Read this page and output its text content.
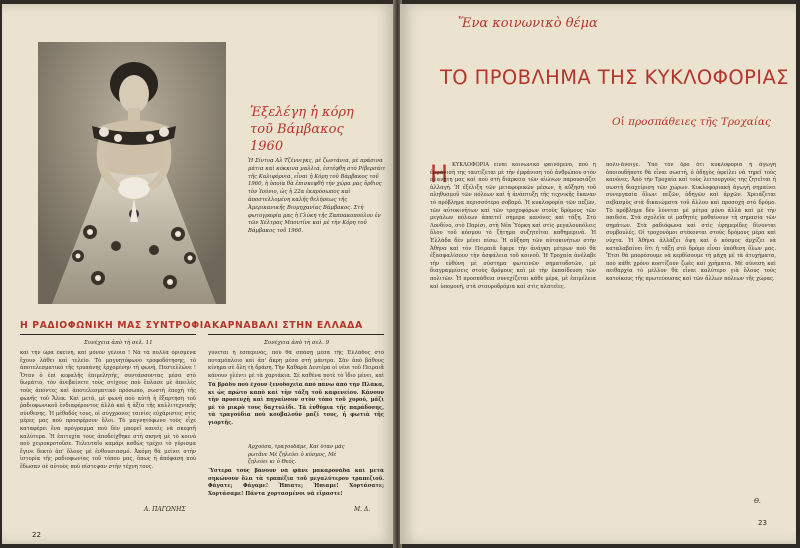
Ἐξελέγη ἡ κόρη τοῦ Βάμβακος 1960
Ἡ Σίντυα Αλ Τζέννιγκς, μὲ ζωντάνια, μὲ πράσινα μάτια καὶ κόκκινα μαλλιά, ἐστέφθη στὸ Ρίβερσάιτ τῆς Καλιφόρνια, εἶναι ἡ Κόρη τοῦ Βάμβακος τοῦ 1960, ἡ ὁποία θὰ ἐπισκεφθῆ τὴν χώρα μας ὅρθιος τὸν Ἰούνιο, ὡς ἡ 22α ἐκπρόσωπος καὶ ἀποστελλομένη καλῆς θελήσεως τῆς Ἀμερικανικῆς Βιομηχανίας Βάμβακος. Στὴ φωτογραφία μας ἡ Γλύκη τῆς Ζαππακοπούλου ἐν τῶν Χέλτρας Μπουτίνε καὶ μὲ τὴν Κόρη τοῦ Βάμβακος τοῦ 1960.
Η ΡΑΔΙΟΦΩΝΙΚΗ ΜΑΣ ΣΥΝΤΡΟΦΙΑ
Συνέχεια ἀπὸ τὴ σελ. 11
καὶ τὴν ὥρα ἐκείνη, καὶ μόνον γέλοια ! Νὰ τὰ πολλὰ ὀρισμένα ἔχουν λάθει καὶ τελείο. Τὸ μαγνητόφωνο τροφοδότησης, τὸ ἀποτελεσματικὸ τῆς τρυπάνης ἐρχομένην τὴ φωνή, Πεστελλώνε ! Ὅταν ὁ ἐπὶ κεφαλῆς ἐπιμελητής, συντάσσοντας μέσα στὸ δωμάτιο, τὸν ἀνεβαίνετε τοὺς στίχους ποὺ ἔπλασε μὲ ἀπειλὲς τοὺς ἀπόντες καὶ ἀποτελεσματικὸ πρόσωπο, σωστὴ ἐποχή τῆς φωνῆς τοῦ Ἄλεκ. Καὶ μετά, μὲ φωνὴ ποὺ αὐτὴ ἡ ἔξαρτηση τοῦ ῥαδιοφωνικοῦ ἐνδιαφέροντος ἀλλὰ καὶ ἡ ἀξία τῆς καλλιτεχνικῆς σύνθεσης. Ἡ μέθοδός τους, οἱ σύγχρονες ταινίες εὐχάριστες στὶς μέρες μας ποὺ προσφέρουν ὅλοι. Τὸ μαγνητόφωνο τοὺς εἶχε καταφέρει ἕνα πρόγραμμα ποὺ δὲν μπορεῖ κανεὶς νὰ σκεφτῆ καλύτερα. Ἡ ἐπιτυχία τους ἀποδείχθηκε στὴ σκηνή μὲ τὸ κοινὸ ποὺ χειροκροτοῦσε. Τελευταῖο καμάρι καθὼς τρέχει τὸ γύρισμα ἔγινε δεκτὸ ἀπ' ὅλους μὲ ἐνθουσιασμό. Ἀκόμη θὰ μείνει στὴν ἱστορία τῆς ραδιοφωνίας τοῦ τόπου μας, ὅπως ἡ ἀπόφαση ποὺ ἔδωσαν σὲ αὐτοὺς ποὺ πίστεψαν στὴν τέχνη τους.
Α. ΠΑΓΩΝΗΣ
ΚΑΡΝΑΒΑΛΙ ΣΤΗΝ ΕΛΛΑΔΑ
Συνέχεια ἀπὸ τὴ σελ. 9
γύνεται ἡ ἑσπερινός, ποὺ θὰ σπάσῃ μέσα τῆς Ἑλλάδος στὸ ποταμόπλοιο καὶ ἀπ' ἄκρη μέσα στὴ μάντρα. Σὰν ἀπὸ βάθους κίνημα σὲ ὅλη τὴ δράση. Τὴν Καθαρὰ Δευτέρα οἱ νέοι τοῦ Πειραιᾶ κάνουν γλέντι μὲ τὰ χαρτάκια. Σὲ καθένα ποτὲ τὸ ἴδιο μένει, καὶ
Τὰ βράδυ ποὺ ἔχουν ξενοδοχεῖα ἀπὸ πάνω ἀπὸ τὴν Πλάκα, κι ὡς πρώτο καπὸ καὶ τὴν τάξη τοῦ καφενείου. Κάνουν τὴν προσευχὴ καὶ πηγαίνουν στὸν τόπο τοῦ χορού, μάζι μὲ τὸ μικρὸ τους δαχτυλίδι. Τὰ ἐνθύμια τῆς παράδοσης, τὰ τραγούδια ποὺ κουβαλοῦν μαζί τους, ἡ φωτιὰ τῆς γιορτῆς.
Ἀρχοῦσα, τραγουδᾶμε, Καὶ ὅταν μᾶς ρωτᾶνε Μὲ ζηλεύει ὁ κόσμος, Μὲ ζηλεύει κι ὁ Θεός.
Ὕστερα τοὺς βάνουν νὰ φᾶνε μακαρονάδα καὶ μετὰ σηκώνουν ὅλα τὰ τραπέζια τοῦ μεγαλύτερου τραπεζιοῦ. Φάγατε; Φάγαμε! Ἡπιατε; Ἡπιαμε! Χορτάσατε; Χορτάσαμε! Πάντα χορτασμένοι νὰ εἴμαστε!
Μ. Δ.
22
Ἕνα κοινωνικὸ θέμα
ΤΟ ΠΡΟΒΛΗΜΑ ΤΗΣ ΚΥΚΛΟΦΟΡΙΑΣ
Οἱ προσπάθειες τῆς Τροχαίας
Η ΚΥΚΛΟΦΟΡΙΑ εἶναι κοινωνικὸ φαινόμενο, ποὺ ἡ ἐμφάνισή της ταυτίζεται μὲ τὴν ἐμφάνιση τοῦ ἀνθρώπου στὸν πλανήτη μας καὶ ποὺ στὴ διάρκεια τῶν αἰώνων παρουσιάζει ἀλλαγή. Ἡ ἐξέλιξη τῶν μεταφορικῶν μέσων, ἡ αὔξηση τοῦ πληθυσμοῦ τῶν πόλεων καὶ ἡ ἀνάπτυξη τῆς τεχνικῆς ἔκαναν τὸ πρόβλημα περισσότερο σοβαρό. Ἡ κυκλοφορία τῶν πεζῶν, τῶν αὐτοκινήτων καὶ τῶν τροχοφόρων στοὺς δρόμους τῶν μεγάλων πόλεων ἀπαιτεῖ σήμερα κανόνες καὶ τάξη. Στὸ Λονδίνο, στὸ Παρίσι, στὴ Νέα Ὑόρκη καὶ στὶς μεγαλουπόλεις ὅλου τοῦ κόσμου τὸ ζήτημα συζητεῖται καθημερινά. Ἡ Ἑλλάδα δὲν μένει πίσω. Ἡ αὔξηση τῶν αὐτοκινήτων στὴν Ἀθήνα καὶ τὸν Πειραιᾶ ἔφερε τὴν ἀνάγκη μέτρων ποὺ θὰ ἐξασφαλίσουν τὴν ἀσφάλεια τοῦ κοινοῦ. Ἡ Τροχαία ἀνέλαβε τὴν εὐθύνη μὲ σύστημα φωτεινῶν σηματοδοτῶν, μὲ διαγραμμίσεις στοὺς δρόμους καὶ μὲ τὴν ἐκπαίδευση τῶν πολιτῶν. Ἡ προσπάθεια συνεχίζεται κάθε μέρα, μὲ ἐπιμέλεια καὶ ὑπομονή, στὰ σταυροδρόμια καὶ στὶς πλατεῖες.
πολυ-ἄνοιγε. Ὑπὸ τὸν ὅρο ὅτι κυκλοφορία ἡ ἀγωγὴ ὁποιουδήποτε θὰ εἶναι σωστή, ὁ ὁδηγὸς ὀφείλει νὰ τηρεῖ τοὺς κανόνες. Ἀπὸ τὴν Τροχαία καὶ τοὺς λειτουργοὺς της ζητεῖται ἡ σωστὴ διαχείριση τῶν χώρων. Κυκλοφοριακὴ ἀγωγὴ σημαίνει συνεργασία ὅλων: πεζῶν, ὁδηγῶν καὶ ἀρχῶν. Χρειάζεται σεβασμὸς στὰ δικαιώματα τοῦ ἄλλου καὶ προσοχὴ στὸ δρόμο. Τὸ πρόβλημα δὲν λύνεται μὲ μέτρα μόνο ἀλλὰ καὶ μὲ τὴν παιδεία. Στὰ σχολεῖα οἱ μαθητὲς μαθαίνουν τὴ σημασία τῶν σημάτων. Στὰ ραδιόφωνα καὶ στὶς ἐφημερίδες δίνονται συμβουλές. Οἱ τροχονόμοι στέκονται στοὺς δρόμους μέρα καὶ νύχτα. Ἡ Ἀθήνα ἀλλάζει ὄψη καὶ ὁ κόσμος ἀρχίζει νὰ καταλαβαίνει ὅτι ἡ τάξη στὸ δρόμο εἶναι ὑπόθεση ὅλων μας. Ἔτσι θὰ μπορέσουμε νὰ κερδίσουμε τὴ μάχη μὲ τὰ ἀτυχήματα, ποὺ κάθε χρόνο κοστίζουν ζωὲς καὶ χρήματα. Μὲ σύνεση καὶ πειθαρχία τὸ μέλλον θὰ εἶναι καλύτερο γιὰ ὅλους τοὺς κατοίκους τῆς πρωτεύουσας καὶ τῶν ἄλλων πόλεων τῆς χώρας.
Θ.
23
